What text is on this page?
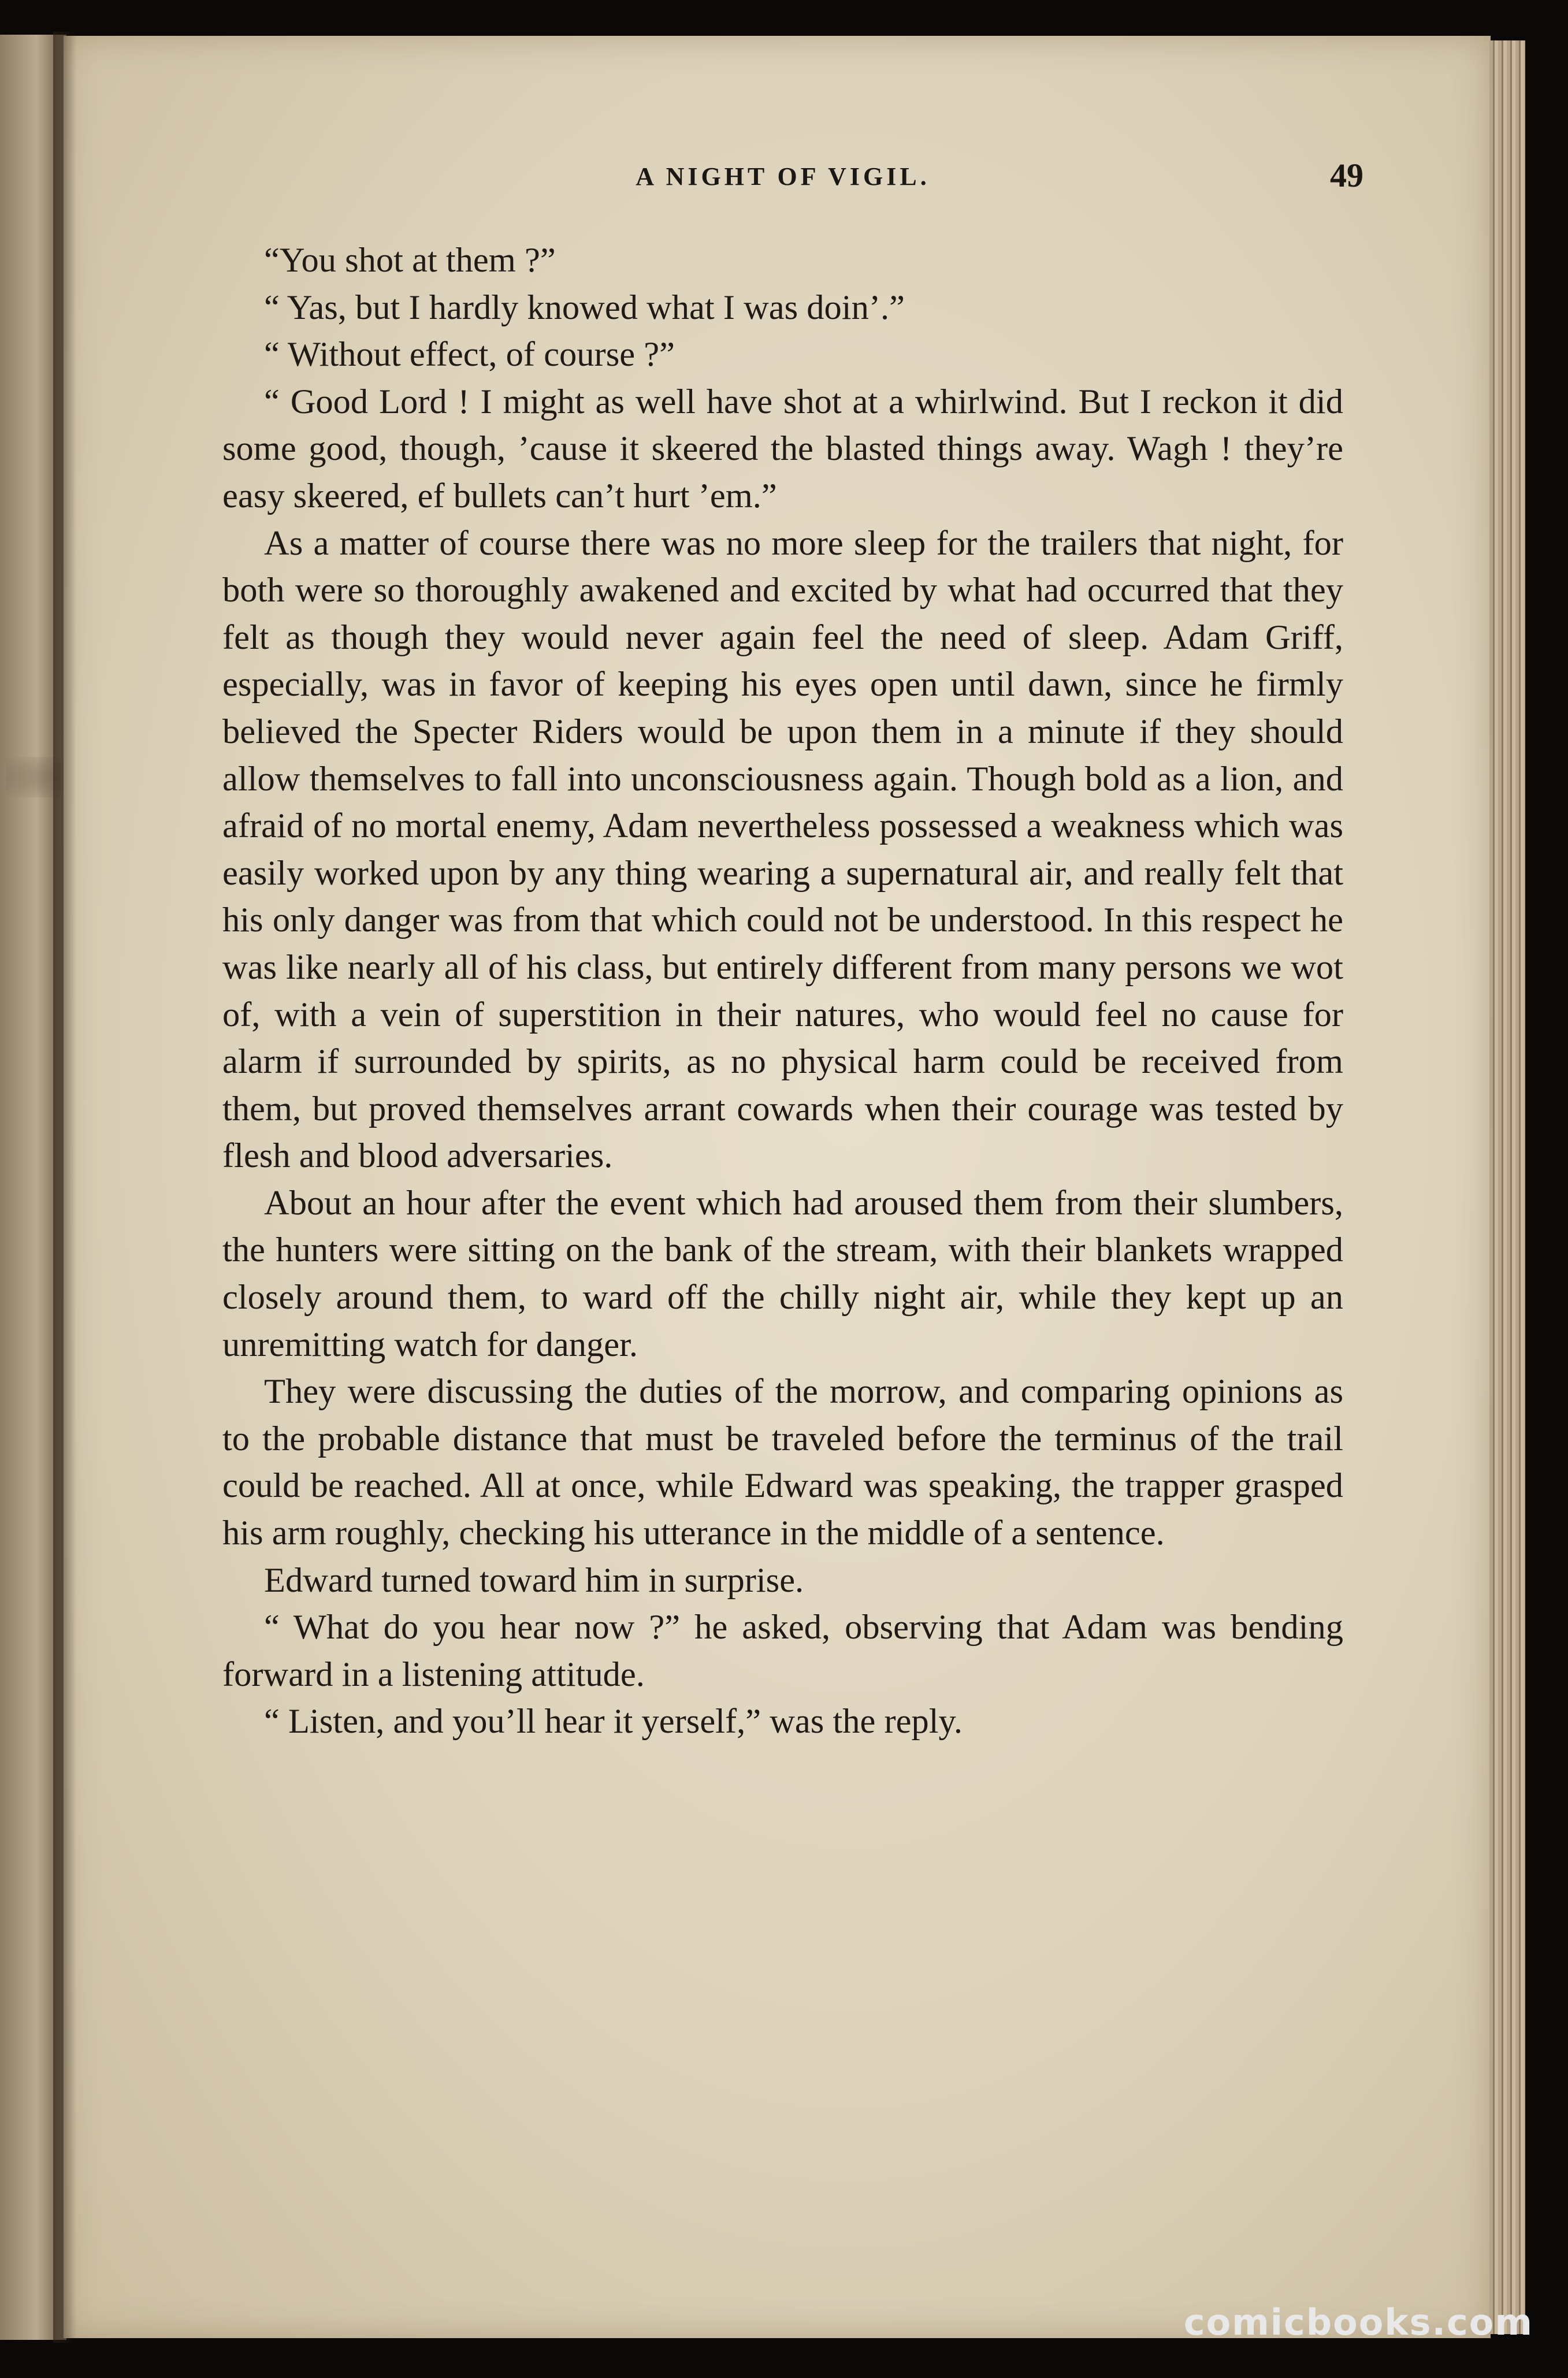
A NIGHT OF VIGIL.	49

“You shot at them ?”

“ Yas, but I hardly knowed what I was doin’.”

“ Without effect, of course ?”

“ Good Lord ! I might as well have shot at a whirlwind. But I reckon it did some good, though, ’cause it skeered the blasted things away. Wagh ! they’re easy skeered, ef bullets can’t hurt ’em.”

As a matter of course there was no more sleep for the trailers that night, for both were so thoroughly awakened and excited by what had occurred that they felt as though they would never again feel the need of sleep. Adam Griff, especially, was in favor of keeping his eyes open until dawn, since he firmly believed the Specter Riders would be upon them in a minute if they should allow themselves to fall into unconsciousness again. Though bold as a lion, and afraid of no mortal enemy, Adam nevertheless possessed a weakness which was easily worked upon by any thing wearing a supernatural air, and really felt that his only danger was from that which could not be understood. In this respect he was like nearly all of his class, but entirely different from many persons we wot of, with a vein of superstition in their natures, who would feel no cause for alarm if surrounded by spirits, as no physical harm could be received from them, but proved themselves arrant cowards when their courage was tested by flesh and blood adversaries.

About an hour after the event which had aroused them from their slumbers, the hunters were sitting on the bank of the stream, with their blankets wrapped closely around them, to ward off the chilly night air, while they kept up an unremitting watch for danger.

They were discussing the duties of the morrow, and comparing opinions as to the probable distance that must be traveled before the terminus of the trail could be reached. All at once, while Edward was speaking, the trapper grasped his arm roughly, checking his utterance in the middle of a sentence.

Edward turned toward him in surprise.

“ What do you hear now ?” he asked, observing that Adam was bending forward in a listening attitude.

“ Listen, and you’ll hear it yerself,” was the reply.

comicbooks.com
